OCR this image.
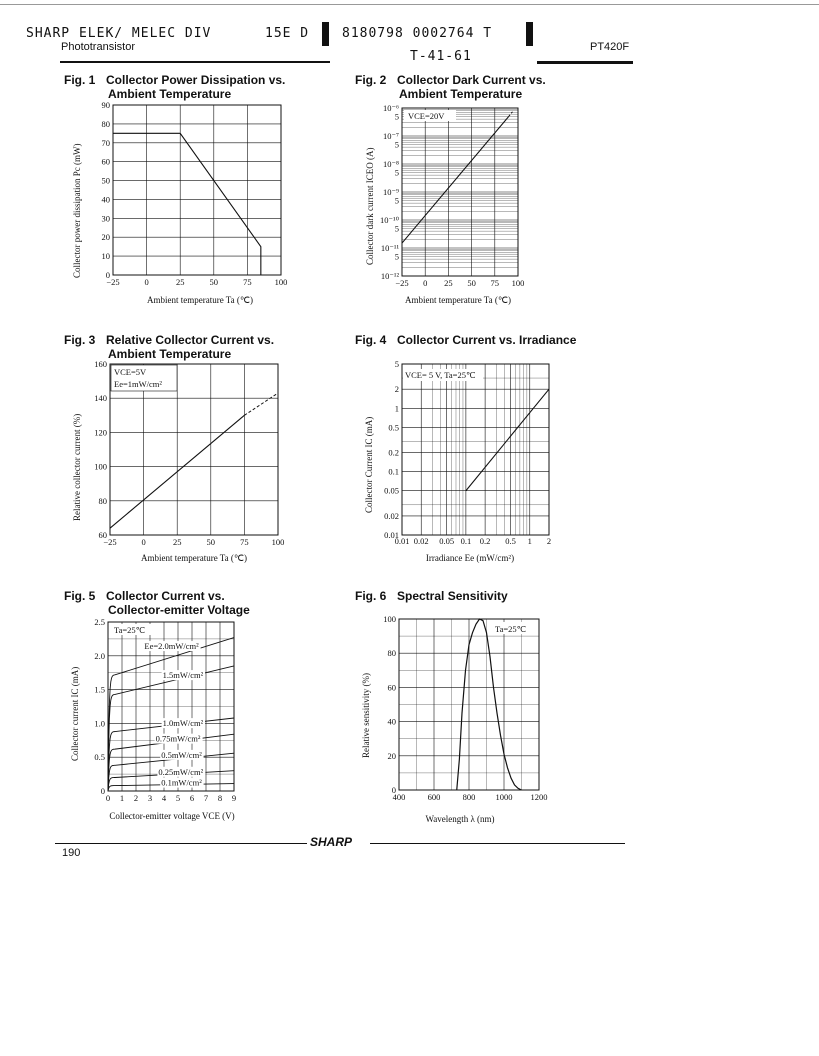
SHARP ELEK/ MELEC DIV	15E D	8180798 0002764 T
Phototransistor	PT420F
T-41-61
Fig. 1 Collector Power Dissipation vs.
Ambient Temperature
Fig. 2 Collector Dark Current vs.
Ambient Temperature
Fig. 3 Relative Collector Current vs.
Ambient Temperature
Fig. 4 Collector Current vs. Irradiance
Fig. 5 Collector Current vs.
Collector-emitter Voltage
Fig. 6 Spectral Sensitivity
0
10
20
30
40
50
60
70
80
90
−25	0	25	50	75	100
10⁻¹²
5
10⁻¹¹
5
10⁻¹⁰
5
10⁻⁹
5
10⁻⁸
5
10⁻⁷
5
10⁻⁶
−25 0 25 50 75 100
VCE=20V
60
80
100
120
140
160
−25	0	25	50	75	100
VCE=5V
Ee=1mW/cm²
0.01
0.02
0.05
0.1
0.2
0.5
1
2
5
0.01 0.02 0.05 0.1 0.2 0.5 1 2
VCE= 5 V, Ta=25℃
0
0.5
1.0
1.5
2.0
2.5
0 1 2 3 4 5 6 7 8 9
Ta=25℃
Ee=2.0mW/cm²
1.5mW/cm²
1.0mW/cm²
0.75mW/cm²
0.5mW/cm²
0.25mW/cm²
0.1mW/cm²
0
20
40
60
80
100
400	600	800 1000 1200
Ta=25℃
Ambient temperature Ta (℃)
Collector power dissipation Pc (mW)
Ambient temperature Ta (℃)
Collector dark current ICEO (A)
Ambient temperature Ta (℃)
Relative collector current (%)
Irradiance Ee (mW/cm²)
Collector Current IC (mA)
Collector-emitter voltage VCE (V)
Collector current IC (mA)
Wavelength λ (nm)
Relative sensitivity (%)
SHARP
190
